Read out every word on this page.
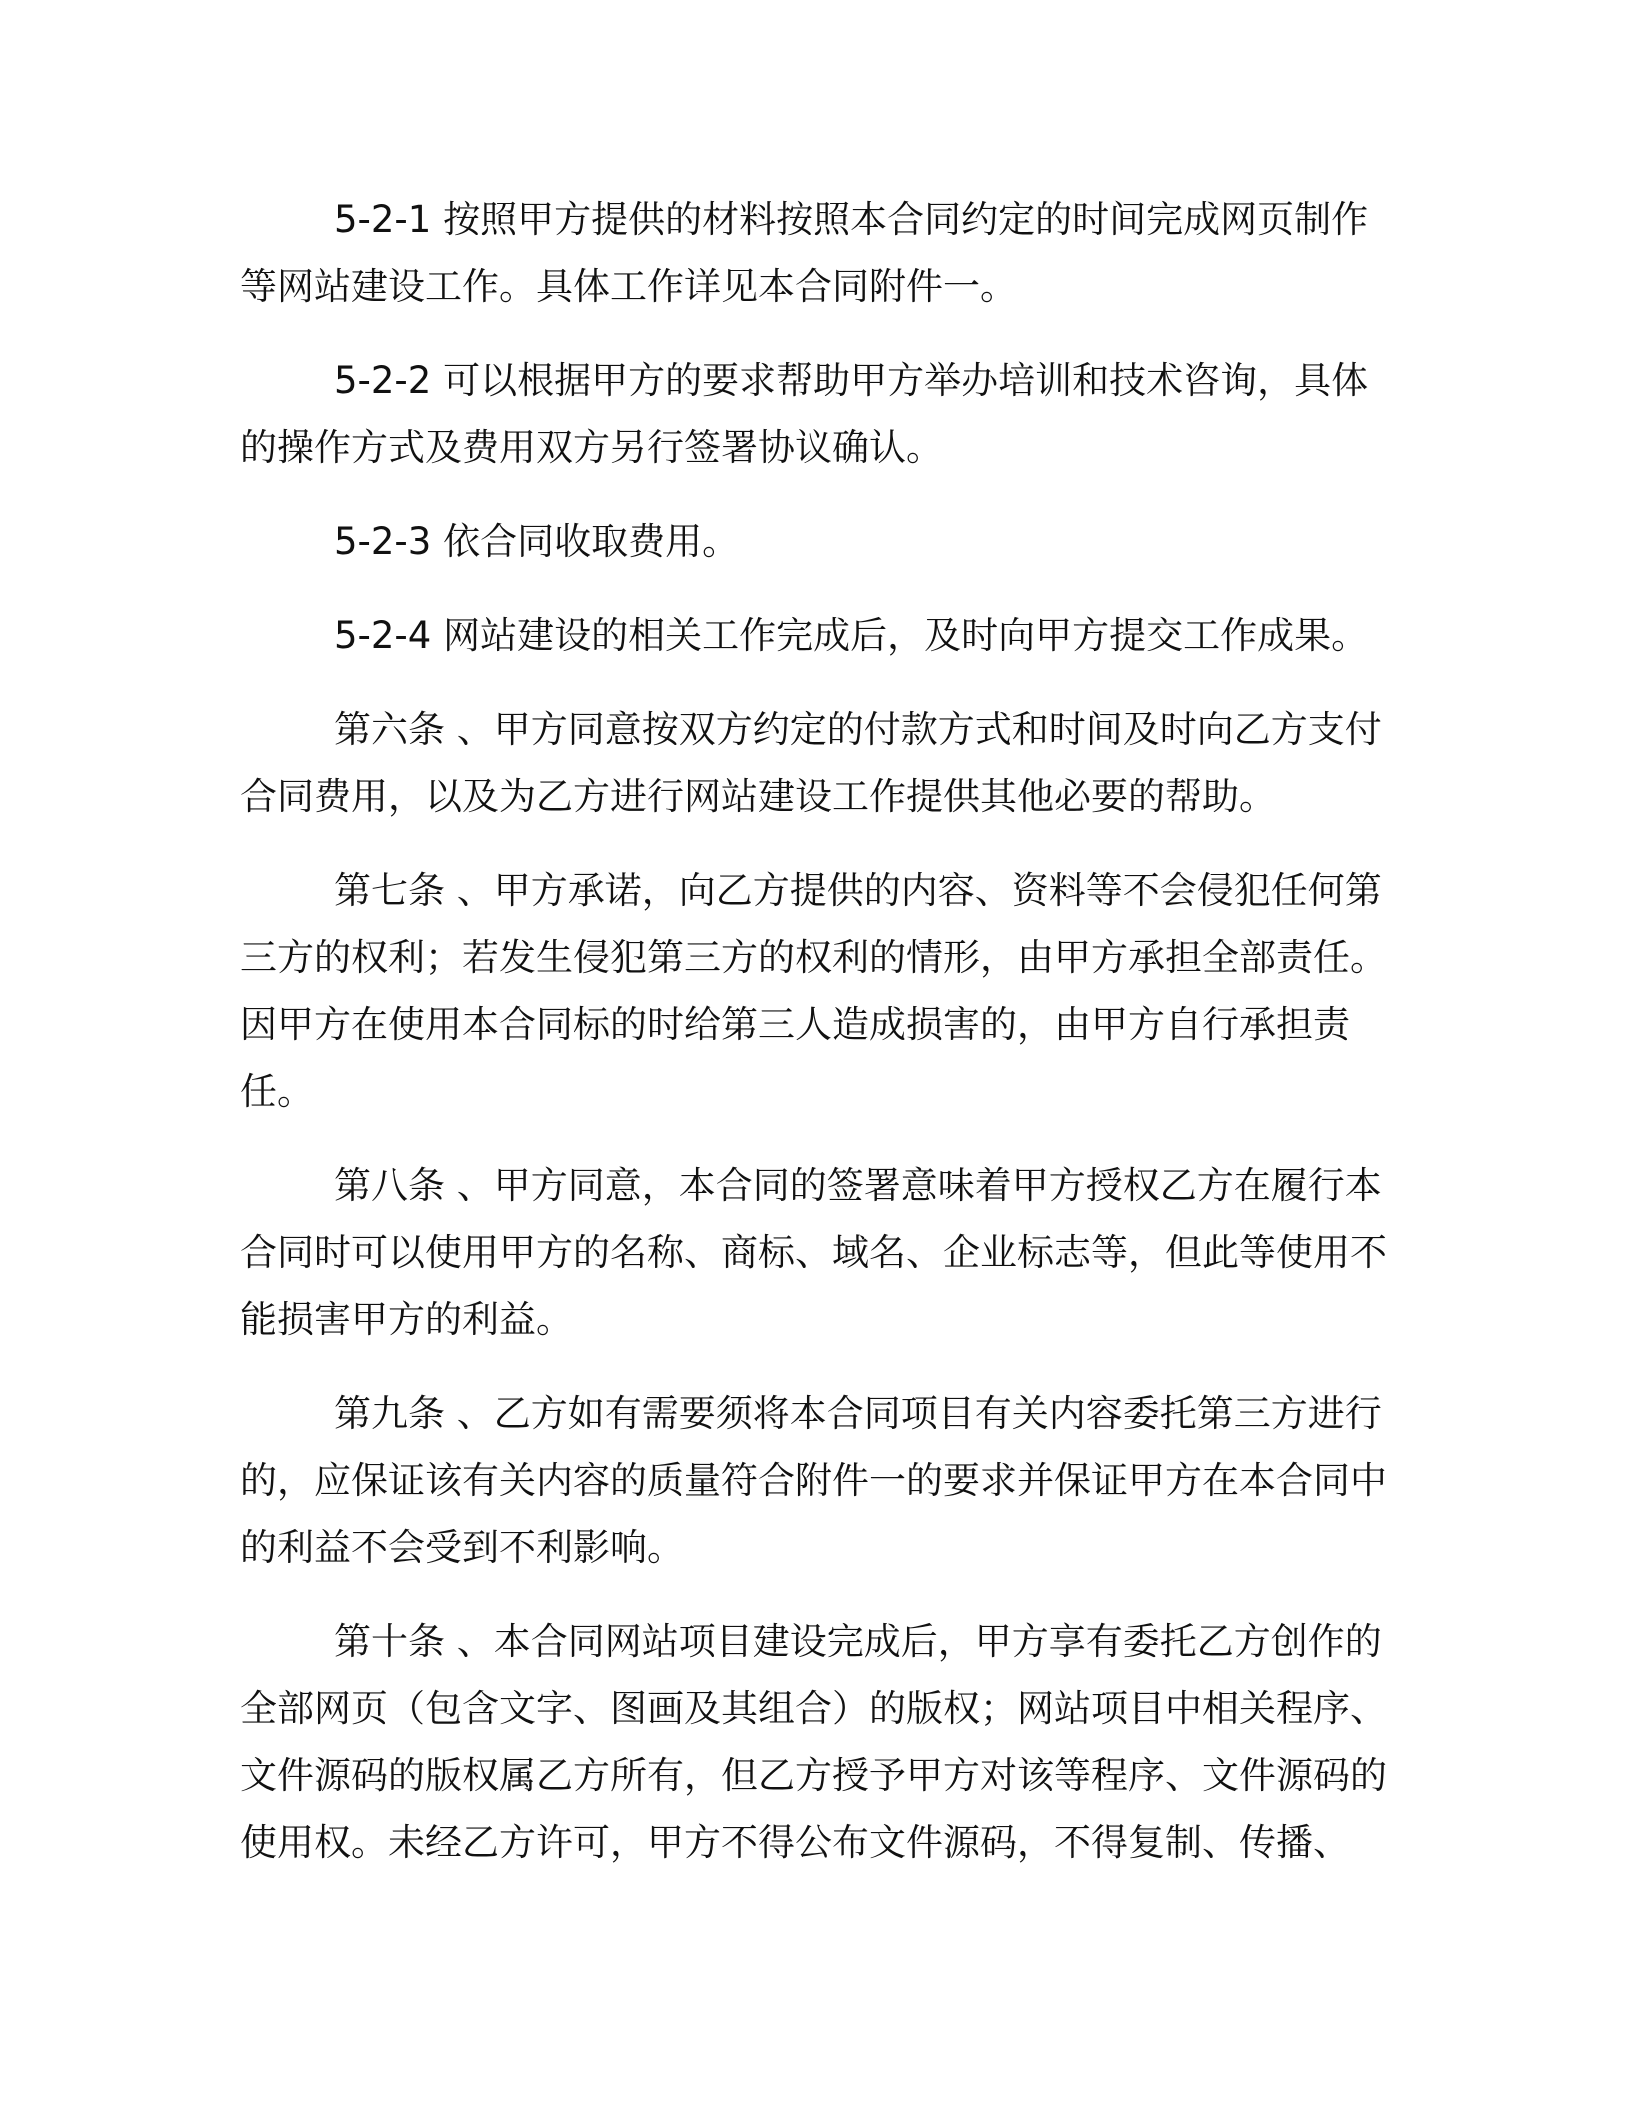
5-2-1 按照甲方提供的材料按照本合同约定的时间完成网页制作等网站建设工作。具体工作详见本合同附件一。

5-2-2 可以根据甲方的要求帮助甲方举办培训和技术咨询，具体的操作方式及费用双方另行签署协议确认。

5-2-3 依合同收取费用。

5-2-4 网站建设的相关工作完成后，及时向甲方提交工作成果。

第六条 、甲方同意按双方约定的付款方式和时间及时向乙方支付合同费用，以及为乙方进行网站建设工作提供其他必要的帮助。

第七条 、甲方承诺，向乙方提供的内容、资料等不会侵犯任何第三方的权利；若发生侵犯第三方的权利的情形，由甲方承担全部责任。因甲方在使用本合同标的时给第三人造成损害的，由甲方自行承担责任。

第八条 、甲方同意，本合同的签署意味着甲方授权乙方在履行本合同时可以使用甲方的名称、商标、域名、企业标志等，但此等使用不能损害甲方的利益。

第九条 、乙方如有需要须将本合同项目有关内容委托第三方进行的，应保证该有关内容的质量符合附件一的要求并保证甲方在本合同中的利益不会受到不利影响。

第十条 、本合同网站项目建设完成后，甲方享有委托乙方创作的全部网页（包含文字、图画及其组合）的版权；网站项目中相关程序、文件源码的版权属乙方所有，但乙方授予甲方对该等程序、文件源码的使用权。未经乙方许可，甲方不得公布文件源码，不得复制、传播、
